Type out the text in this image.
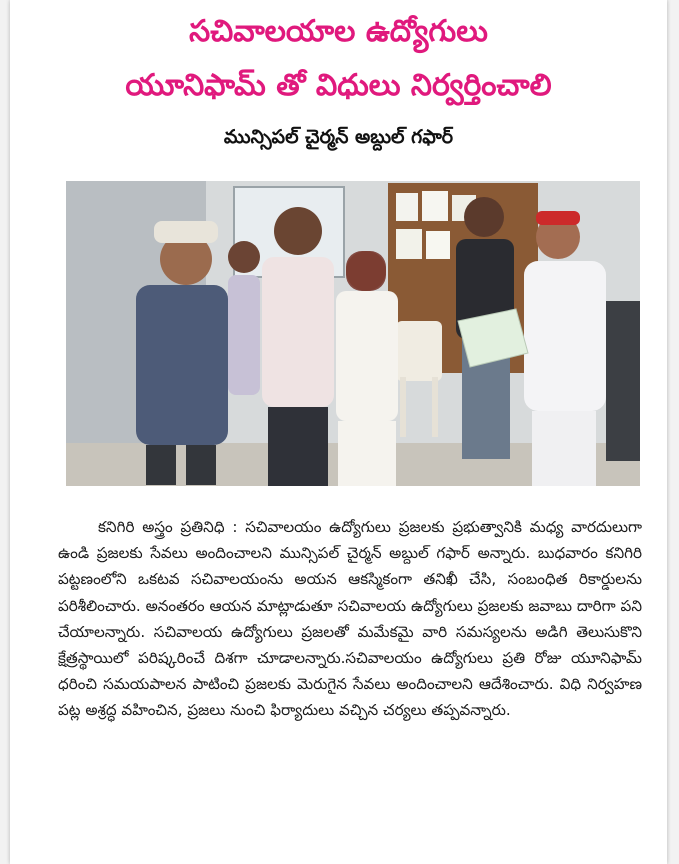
సచివాలయాల ఉద్యోగులు
యూనిఫామ్ తో విధులు నిర్వర్తించాలి
మున్సిపల్ చైర్మన్ అబ్దుల్ గఫార్

కనిగిరి అస్త్రం ప్రతినిధి : సచివాలయం ఉద్యోగులు ప్రజలకు ప్రభుత్వానికి మధ్య వారదులుగా ఉండి ప్రజలకు సేవలు అందించాలని మున్సిపల్ చైర్మన్ అబ్దుల్ గఫార్ అన్నారు. బుధవారం కనిగిరి పట్టణంలోని ఒకటవ సచివాలయంను అయన ఆకస్మికంగా తనిఖీ చేసి, సంబంధిత రికార్డులను పరిశీలించారు. అనంతరం ఆయన మాట్లాడుతూ సచివాలయ ఉద్యోగులు ప్రజలకు జవాబు దారిగా పని చేయాలన్నారు. సచివాలయ ఉద్యోగులు ప్రజలతో మమేకమై వారి సమస్యలను అడిగి తెలుసుకొని క్షేత్రస్థాయిలో పరిష్కరించే దిశగా చూడాలన్నారు.సచివాలయం ఉద్యోగులు ప్రతి రోజు యూనిఫామ్ ధరించి సమయపాలన పాటించి ప్రజలకు మెరుగైన సేవలు అందించాలని ఆదేశించారు. విధి నిర్వహణ పట్ల అశ్రద్ధ వహించిన, ప్రజలు నుంచి ఫిర్యాదులు వచ్చిన చర్యలు తప్పవన్నారు.
